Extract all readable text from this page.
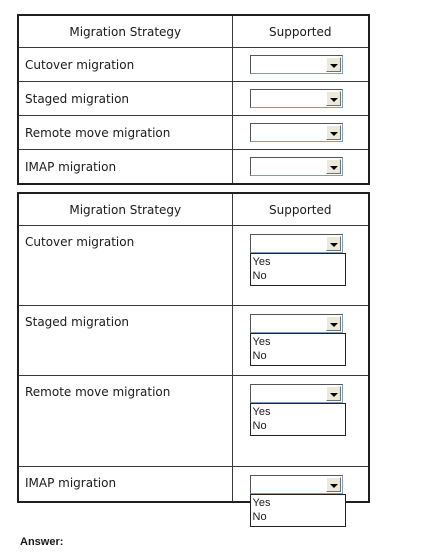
Migration Strategy	Supported
Cutover migration	

Staged migration	

Remote move migration	

IMAP migration	
Migration Strategy	Supported
Cutover migration	Yes
No

Staged migration	Yes
No

Remote move migration	Yes
No

IMAP migration	Yes
No
Answer:
